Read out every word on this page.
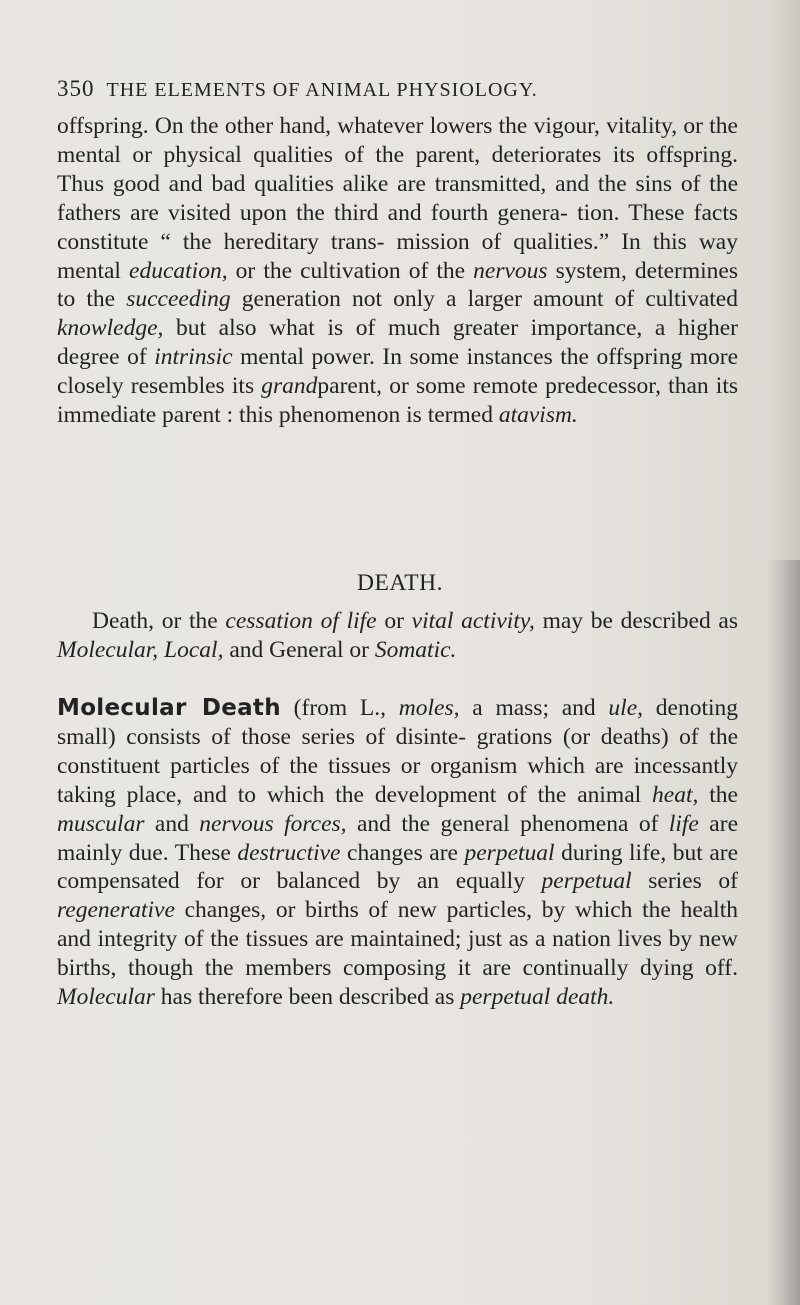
350 THE ELEMENTS OF ANIMAL PHYSIOLOGY.

offspring. On the other hand, whatever lowers the vigour, vitality, or the mental or physical qualities of the parent, deteriorates its offspring. Thus good and bad qualities alike are transmitted, and the sins of the fathers are visited upon the third and fourth genera- tion. These facts constitute “ the hereditary trans- mission of qualities.” In this way mental education, or the cultivation of the nervous system, determines to the succeeding generation not only a larger amount of cultivated knowledge, but also what is of much greater importance, a higher degree of intrinsic mental power. In some instances the offspring more closely resembles its grandparent, or some remote predecessor, than its immediate parent : this phenomenon is termed atavism.

DEATH.

Death, or the cessation of life or vital activity, may be described as Molecular, Local, and General or Somatic.

Molecular Death (from L., moles, a mass; and ule, denoting small) consists of those series of disinte- grations (or deaths) of the constituent particles of the tissues or organism which are incessantly taking place, and to which the development of the animal heat, the muscular and nervous forces, and the general phenomena of life are mainly due. These destructive changes are perpetual during life, but are compensated for or balanced by an equally perpetual series of regenerative changes, or births of new particles, by which the health and integrity of the tissues are maintained; just as a nation lives by new births, though the members composing it are continually dying off. Molecular has therefore been described as perpetual death.
